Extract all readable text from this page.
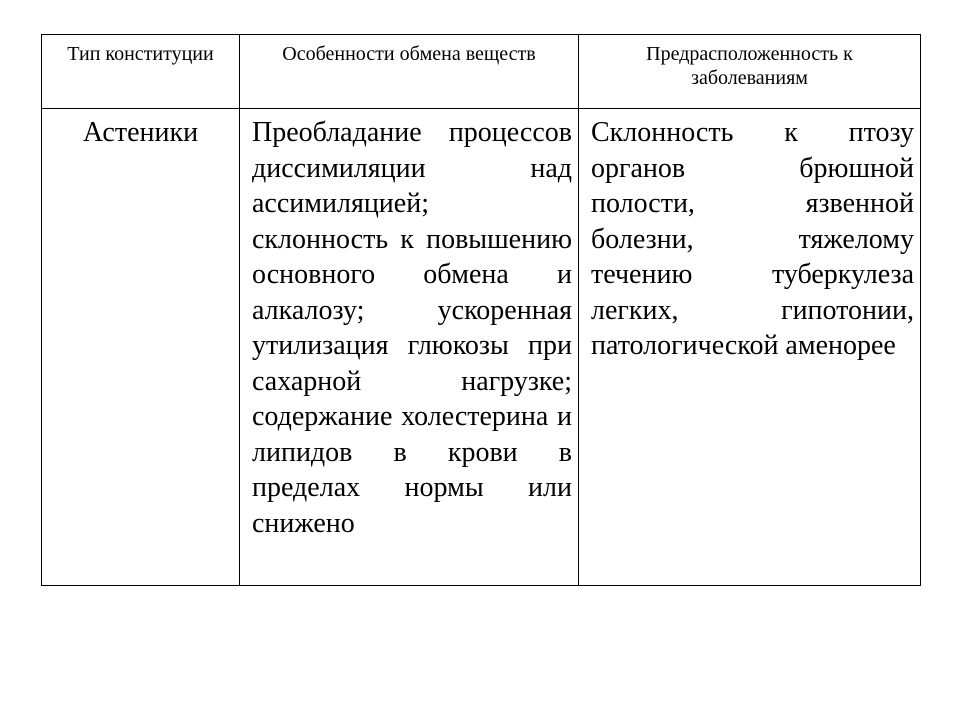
Тип конституции	Особенности обмена веществ	Предрасположенность к заболеваниям

Астеники	Преобладание процессов диссимиляции над ассимиляцией; склонность к повышению основного обмена и алкалозу; ускоренная утилизация глюкозы при сахарной нагрузке; содержание холестерина и липидов в крови в пределах нормы или снижено	Склонность к птозу органов брюшной полости, язвенной болезни, тяжелому течению туберкулеза легких, гипотонии, патологической аменорее
